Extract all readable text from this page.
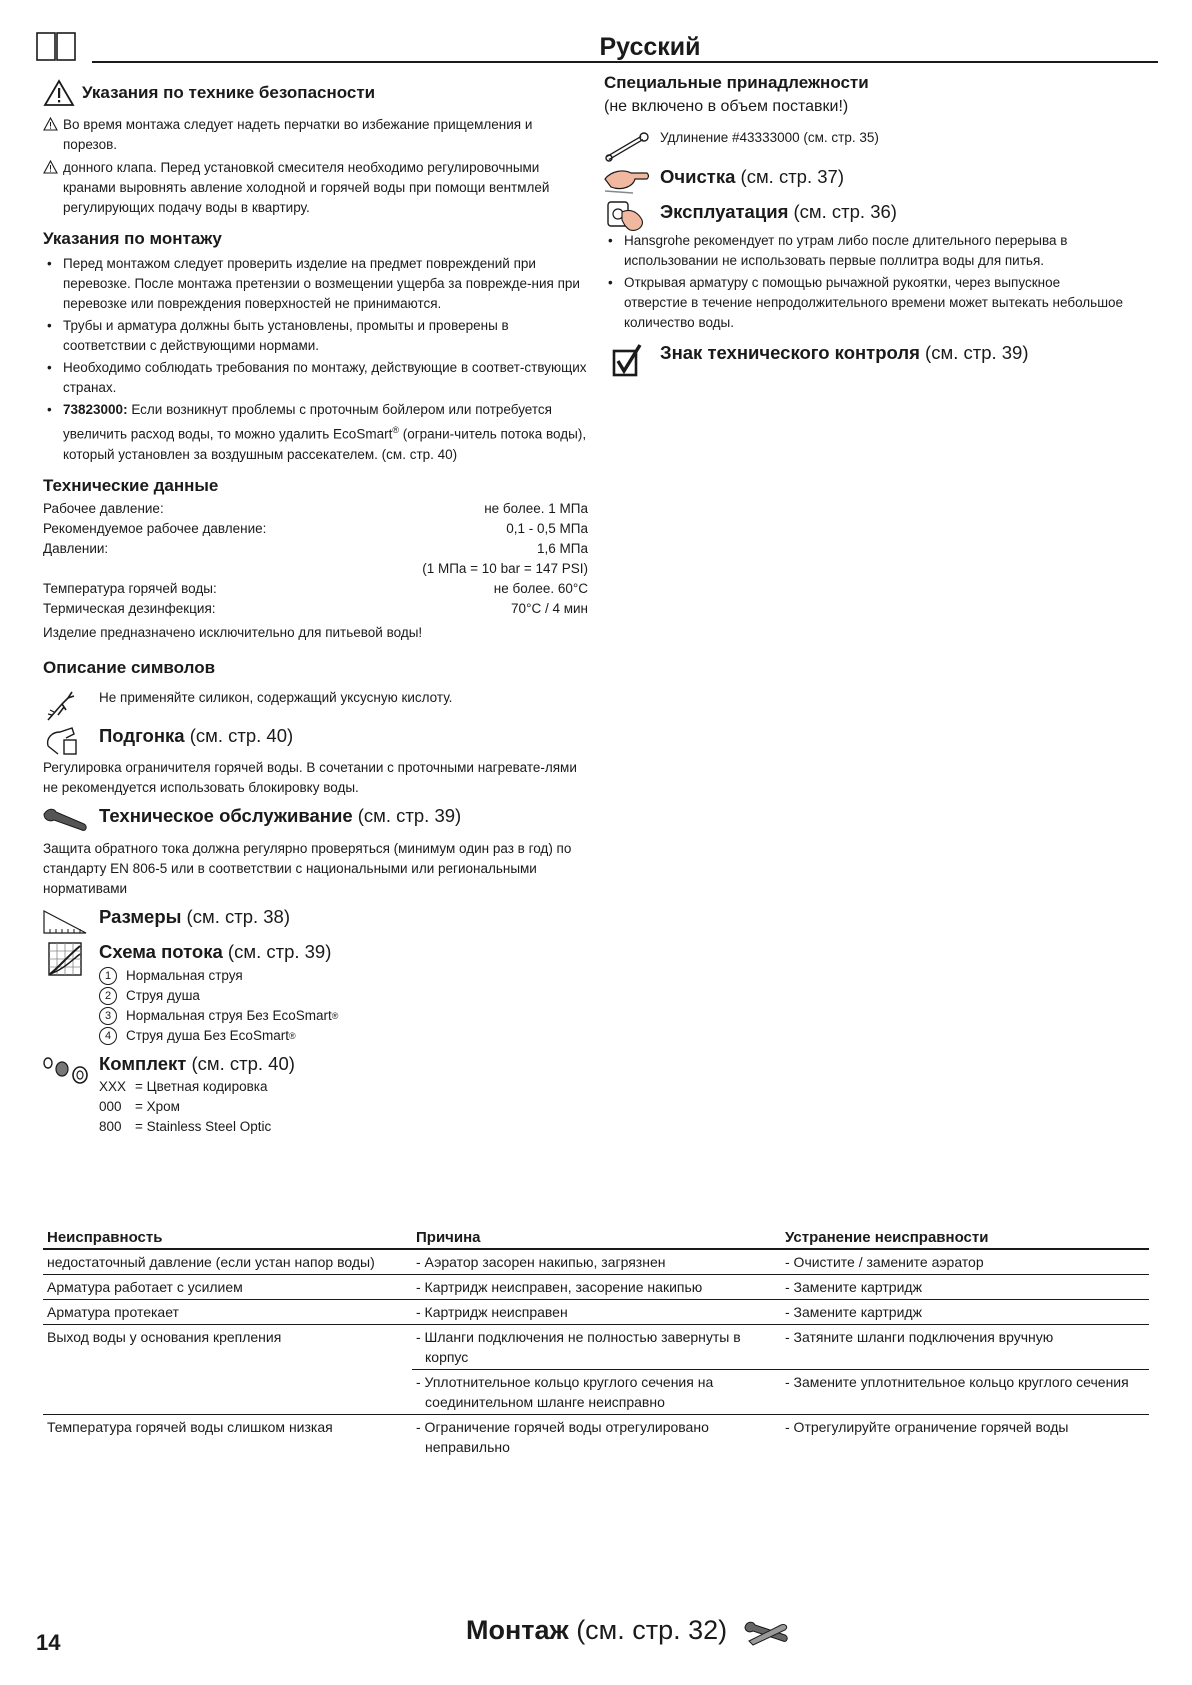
Русский
Указания по технике безопасности
Во время монтажа следует надеть перчатки во избежание прищемления и порезов.
донного клапа. Перед установкой смесителя необходимо регулировочными кранами выровнять авление холодной и горячей воды при помощи вентмлей регулирующих подачу воды в квартиру.
Указания по монтажу
• Перед монтажом следует проверить изделие на предмет повреждений при перевозке. После монтажа претензии о возмещении ущерба за поврежде-ния при перевозке или повреждения поверхностей не принимаются.
• Трубы и арматура должны быть установлены, промыты и проверены в соответствии с действующими нормами.
• Необходимо соблюдать требования по монтажу, действующие в соответ-ствующих странах.
• 73823000: Если возникнут проблемы с проточным бойлером или потребуется увеличить расход воды, то можно удалить EcoSmart® (ограни-читель потока воды), который установлен за воздушным рассекателем. (см. стр. 40)
Технические данные
Рабочее давление:	не более. 1 МПа
Рекомендуемое рабочее давление:	0,1 - 0,5 МПа
Давлении:	1,6 МПа
(1 МПа = 10 bar = 147 PSI)
Температура горячей воды:	не более. 60°C
Термическая дезинфекция:	70°C / 4 мин
Изделие предназначено исключительно для питьевой воды!
Описание символов
Не применяйте силикон, содержащий уксусную кислоту.
Подгонка (см. стр. 40)
Регулировка ограничителя горячей воды. В сочетании с проточными нагревате-лями не рекомендуется использовать блокировку воды.
Техническое обслуживание (см. стр. 39)
Защита обратного тока должна регулярно проверяться (минимум один раз в год) по стандарту EN 806-5 или в соответствии с национальными или региональными нормативами
Размеры (см. стр. 38)
Схема потока (см. стр. 39)
1	Нормальная струя
2	Струя душа
3	Нормальная струя Без EcoSmart ®
4	Струя душа Без EcoSmart ®
Комплект (см. стр. 40)
XXX = Цветная кодировка
000 = Хром
800 = Stainless Steel Optic
Специальные принадлежности
(не включено в объем поставки!)
Удлинение #43333000 (см. стр. 35)
Очистка (см. стр. 37)
Эксплуатация (см. стр. 36)
• Hansgrohe рекомендует по утрам либо после длительного перерыва в использовании не использовать первые поллитра воды для питья.
• Открывая арматуру с помощью рычажной рукоятки, через выпускное отверстие в течение непродолжительного времени может вытекать небольшое количество воды.
Знак технического контроля (см. стр. 39)
Неисправность	Причина	Устранение неисправности
недостаточный давление (если устан напор воды)	- Аэратор засорен накипью, загрязнен	- Очистите / замените аэратор

Арматура работает с усилием	- Картридж неисправен, засорение накипью	- Замените картридж

Арматура протекает	- Картридж неисправен	- Замените картридж

Выход воды у основания крепления	- Шланги подключения не полностью завернуты в корпус	- Затяните шланги подключения вручную

	- Уплотнительное кольцо круглого сечения на соединительном шланге неисправно	- Замените уплотнительное кольцо круглого сечения

Температура горячей воды слишком низкая	- Ограничение горячей воды отрегулировано неправильно	- Отрегулируйте ограничение горячей воды
14	Монтаж (см. стр. 32)
